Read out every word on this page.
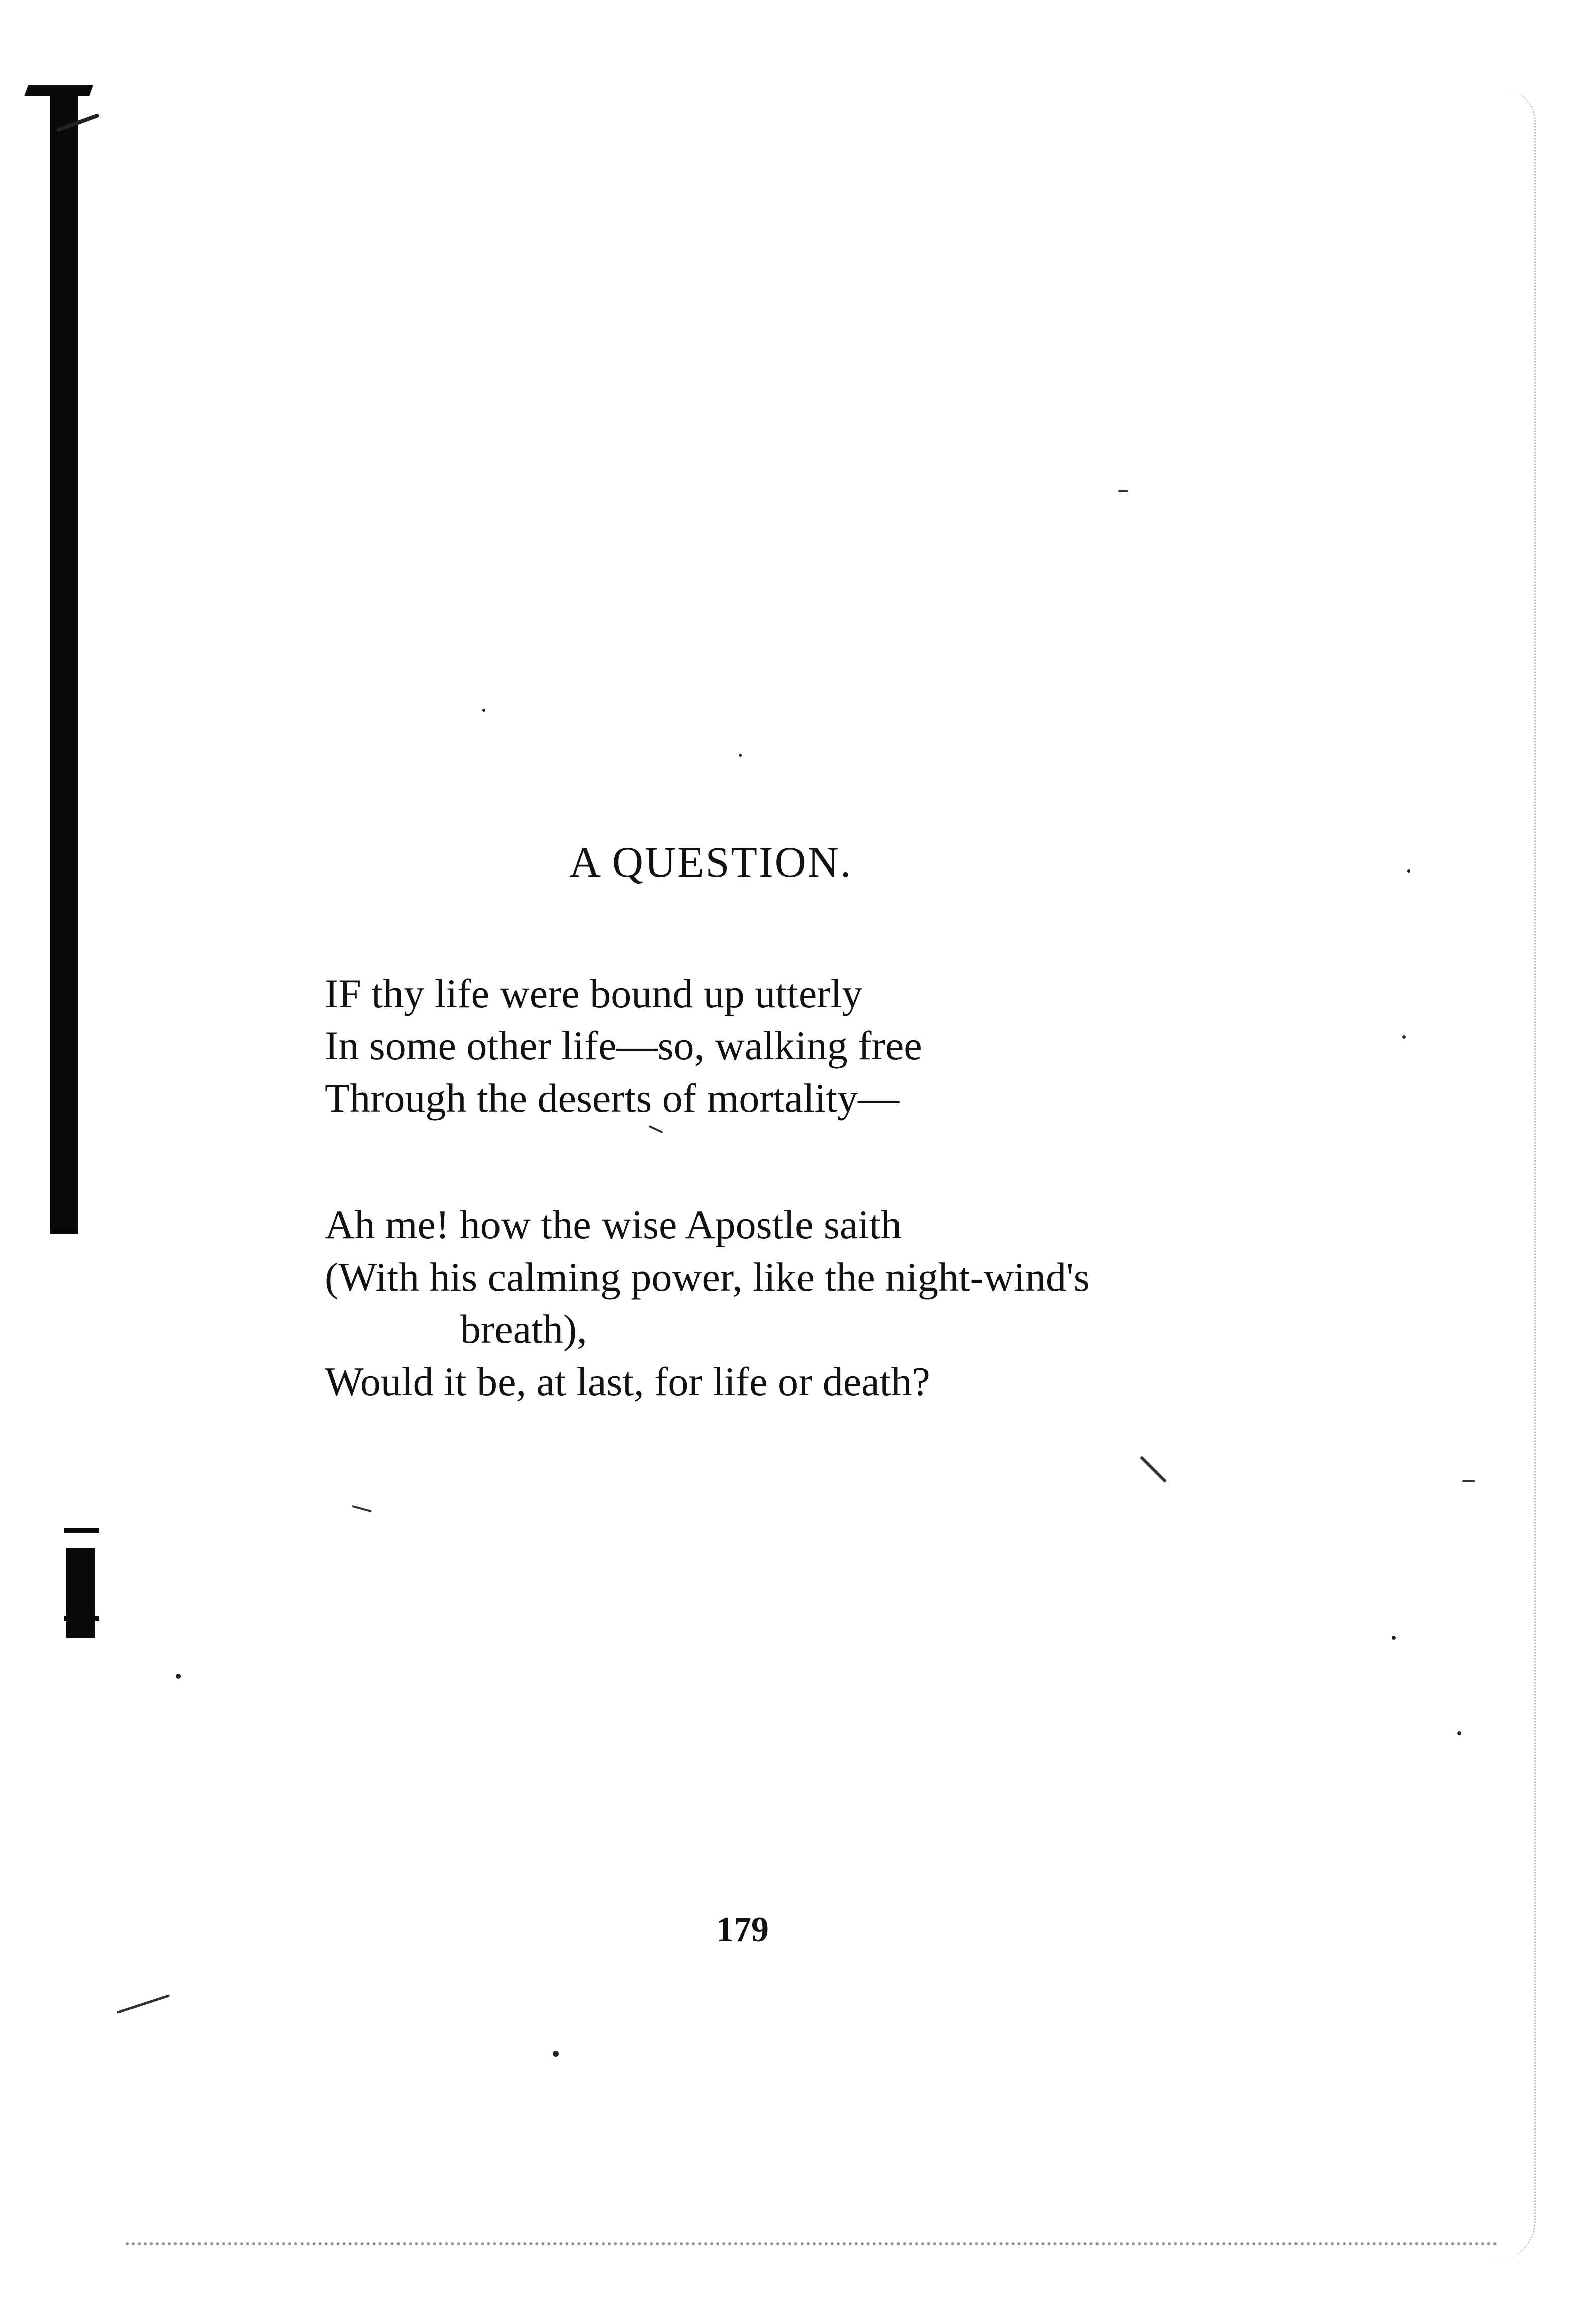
A QUESTION.
IF thy life were bound up utterly
In some other life—so, walking free
Through the deserts of mortality—
Ah me! how the wise Apostle saith
(With his calming power, like the night-wind's
breath),
Would it be, at last, for life or death?
179
